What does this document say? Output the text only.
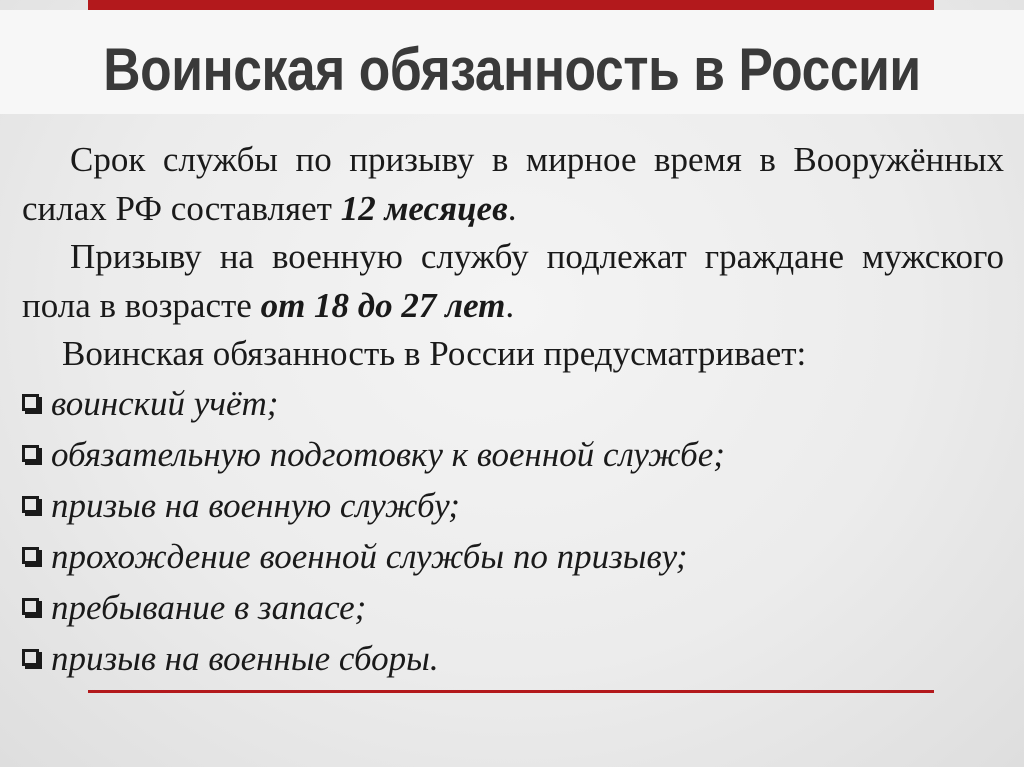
Воинская обязанность в России

Срок службы по призыву в мирное время в Вооружённых силах РФ составляет 12 месяцев.

Призыву на военную службу подлежат граждане мужского пола в возрасте от 18 до 27 лет.

Воинская обязанность в России предусматривает:

воинский учёт;
обязательную подготовку к военной службе;
призыв на военную службу;
прохождение военной службы по призыву;
пребывание в запасе;
призыв на военные сборы.
